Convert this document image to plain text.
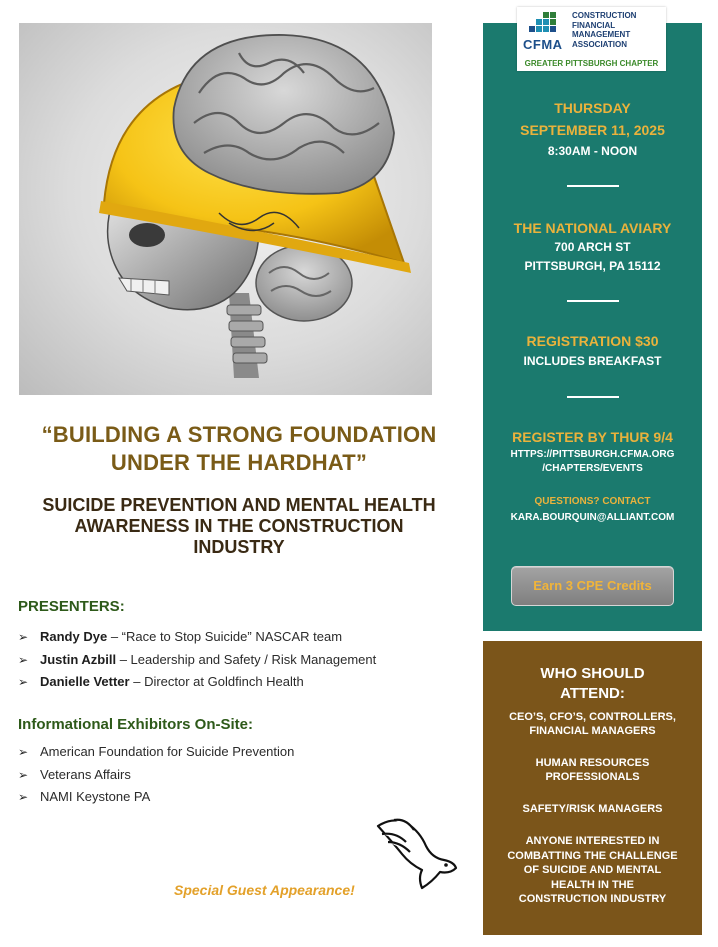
“BUILDING A STRONG FOUNDATION
UNDER THE HARDHAT”
SUICIDE PREVENTION AND MENTAL HEALTH
AWARENESS IN THE CONSTRUCTION
INDUSTRY
PRESENTERS:
➢ Randy Dye – “Race to Stop Suicide” NASCAR team
➢ Justin Azbill – Leadership and Safety / Risk Management
➢ Danielle Vetter – Director at Goldfinch Health
Informational Exhibitors On-Site:
➢ American Foundation for Suicide Prevention
➢ Veterans Affairs
➢ NAMI Keystone PA
Special Guest Appearance!
CFMA
CONSTRUCTION
FINANCIAL
MANAGEMENT
ASSOCIATION
GREATER PITTSBURGH CHAPTER
THURSDAY
SEPTEMBER 11, 2025
8:30AM - NOON
THE NATIONAL AVIARY
700 ARCH ST
PITTSBURGH, PA 15112
REGISTRATION $30
INCLUDES BREAKFAST
REGISTER BY THUR 9/4
HTTPS://PITTSBURGH.CFMA.ORG
/CHAPTERS/EVENTS
QUESTIONS? CONTACT
KARA.BOURQUIN@ALLIANT.COM
Earn 3 CPE Credits
WHO SHOULD
ATTEND:
CEO’S, CFO’S, CONTROLLERS,
FINANCIAL MANAGERS
HUMAN RESOURCES
PROFESSIONALS
SAFETY/RISK MANAGERS
ANYONE INTERESTED IN
COMBATTING THE CHALLENGE
OF SUICIDE AND MENTAL
HEALTH IN THE
CONSTRUCTION INDUSTRY
